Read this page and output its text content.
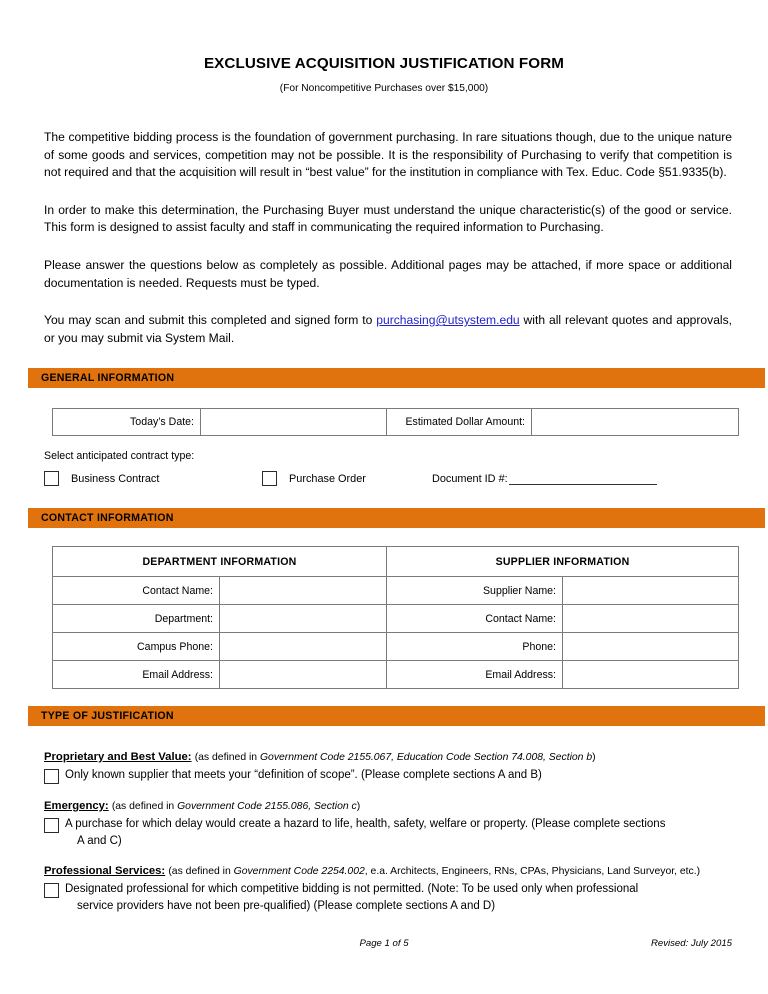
EXCLUSIVE ACQUISITION JUSTIFICATION FORM
(For Noncompetitive Purchases over $15,000)

The competitive bidding process is the foundation of government purchasing. In rare situations though, due to the unique nature of some goods and services, competition may not be possible. It is the responsibility of Purchasing to verify that competition is not required and that the acquisition will result in “best value” for the institution in compliance with Tex. Educ. Code §51.9335(b).

In order to make this determination, the Purchasing Buyer must understand the unique characteristic(s) of the good or service. This form is designed to assist faculty and staff in communicating the required information to Purchasing.

Please answer the questions below as completely as possible. Additional pages may be attached, if more space or additional documentation is needed. Requests must be typed.

You may scan and submit this completed and signed form to purchasing@utsystem.edu with all relevant quotes and approvals, or you may submit via System Mail.

GENERAL INFORMATION
Today’s Date:		Estimated Dollar Amount:	
Select anticipated contract type:
Business Contract	Purchase Order	Document ID #:
CONTACT INFORMATION
DEPARTMENT INFORMATION		SUPPLIER INFORMATION	
Contact Name:		Supplier Name:	
Department:		Contact Name:	
Campus Phone:		Phone:	
Email Address:		Email Address:	
TYPE OF JUSTIFICATION
Proprietary and Best Value: (as defined in Government Code 2155.067, Education Code Section 74.008, Section b)
Only known supplier that meets your “definition of scope”. (Please complete sections A and B)
Emergency: (as defined in Government Code 2155.086, Section c)
A purchase for which delay would create a hazard to life, health, safety, welfare or property. (Please complete sections
A and C)
Professional Services: (as defined in Government Code 2254.002, e.a. Architects, Engineers, RNs, CPAs, Physicians, Land Surveyor, etc.)
Designated professional for which competitive bidding is not permitted. (Note: To be used only when professional
service providers have not been pre-qualified) (Please complete sections A and D)
Page 1 of 5	Revised: July 2015
